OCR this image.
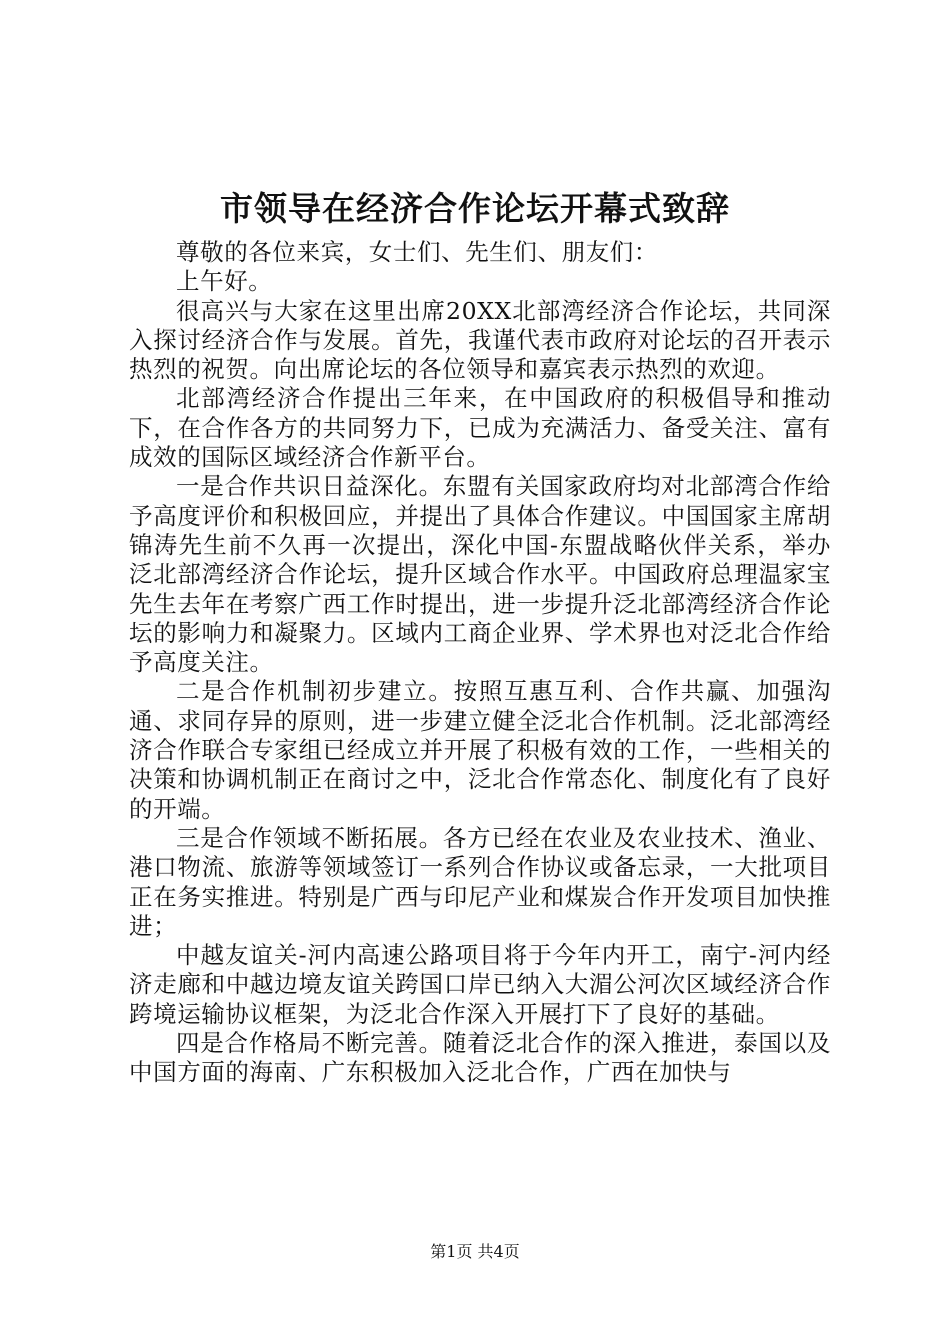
市领导在经济合作论坛开幕式致辞

尊敬的各位来宾，女士们、先生们、朋友们：

上午好。

很高兴与大家在这里出席20XX北部湾经济合作论坛，共同深入探讨经济合作与发展。首先，我谨代表市政府对论坛的召开表示热烈的祝贺。向出席论坛的各位领导和嘉宾表示热烈的欢迎。

北部湾经济合作提出三年来，在中国政府的积极倡导和推动下，在合作各方的共同努力下，已成为充满活力、备受关注、富有成效的国际区域经济合作新平台。

一是合作共识日益深化。东盟有关国家政府均对北部湾合作给予高度评价和积极回应，并提出了具体合作建议。中国国家主席胡锦涛先生前不久再一次提出，深化中国-东盟战略伙伴关系，举办泛北部湾经济合作论坛，提升区域合作水平。中国政府总理温家宝先生去年在考察广西工作时提出，进一步提升泛北部湾经济合作论坛的影响力和凝聚力。区域内工商企业界、学术界也对泛北合作给予高度关注。

二是合作机制初步建立。按照互惠互利、合作共赢、加强沟通、求同存异的原则，进一步建立健全泛北合作机制。泛北部湾经济合作联合专家组已经成立并开展了积极有效的工作，一些相关的决策和协调机制正在商讨之中，泛北合作常态化、制度化有了良好的开端。

三是合作领域不断拓展。各方已经在农业及农业技术、渔业、港口物流、旅游等领域签订一系列合作协议或备忘录，一大批项目正在务实推进。特别是广西与印尼产业和煤炭合作开发项目加快推进；

中越友谊关-河内高速公路项目将于今年内开工，南宁-河内经济走廊和中越边境友谊关跨国口岸已纳入大湄公河次区域经济合作跨境运输协议框架，为泛北合作深入开展打下了良好的基础。

四是合作格局不断完善。随着泛北合作的深入推进，泰国以及中国方面的海南、广东积极加入泛北合作，广西在加快与

第1页 共4页
